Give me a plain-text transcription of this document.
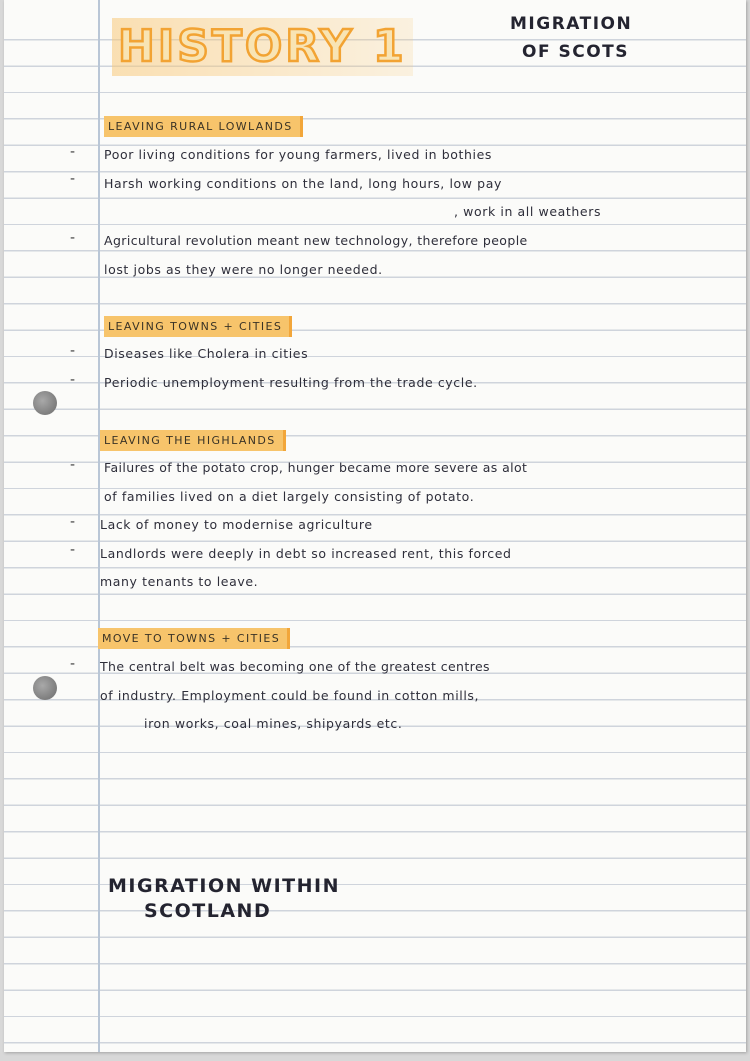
HISTORY 1	MIGRATION
OF SCOTS
LEAVING RURAL LOWLANDS
- Poor living conditions for young farmers, lived in bothies
- Harsh working conditions on the land, long hours, low pay
, work in all weathers
- Agricultural revolution meant new technology, therefore people
lost jobs as they were no longer needed.
LEAVING TOWNS + CITIES
- Diseases like Cholera in cities
- Periodic unemployment resulting from the trade cycle.
LEAVING THE HIGHLANDS
- Failures of the potato crop, hunger became more severe as alot
of families lived on a diet largely consisting of potato.
- Lack of money to modernise agriculture
- Landlords were deeply in debt so increased rent, this forced
many tenants to leave.
MOVE TO TOWNS + CITIES
- The central belt was becoming one of the greatest centres
of industry. Employment could be found in cotton mills,
iron works, coal mines, shipyards etc.
MIGRATION WITHIN
SCOTLAND
